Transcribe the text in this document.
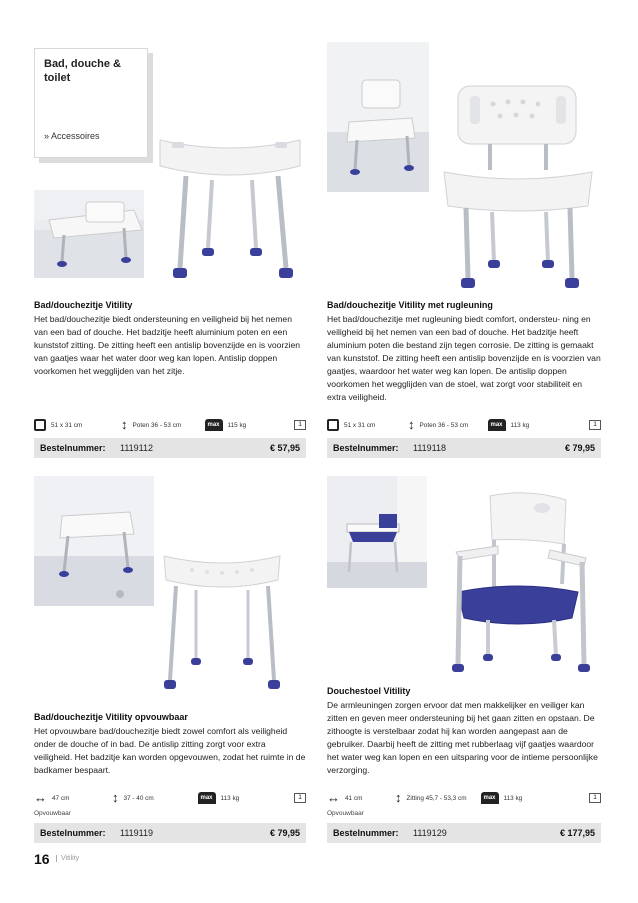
Bad, douche & toilet
» Accessoires
Bad/douchezitje Vitility
Het bad/douchezitje biedt ondersteuning en veiligheid bij het nemen van een bad of douche. Het badzitje heeft aluminium poten en een kunststof zitting. De zitting heeft een antislip bovenzijde en is voorzien van gaatjes waar het water door weg kan lopen. Antislip doppen voorkomen het wegglijden van het zitje.
51 x 31 cm	↕ Poten 36 - 53 cm	max	115 kg	1
Bestelnummer:	1119112	€ 57,95
Bad/douchezitje Vitility met rugleuning
Het bad/douchezitje met rugleuning biedt comfort, ondersteu- ning en veiligheid bij het nemen van een bad of douche. Het badzitje heeft aluminium poten die bestand zijn tegen corrosie. De zitting is gemaakt van kunststof. De zitting heeft een antislip bovenzijde en is voorzien van gaatjes, waardoor het water weg kan lopen. De antislip doppen voorkomen het wegglijden van de stoel, wat zorgt voor stabiliteit en extra veiligheid.
51 x 31 cm	↕ Poten 36 - 53 cm	max	113 kg	1
Bestelnummer:	1119118	€ 79,95
Bad/douchezitje Vitility opvouwbaar
Het opvouwbare bad/douchezitje biedt zowel comfort als veiligheid onder de douche of in bad. De antislip zitting zorgt voor extra veiligheid. Het badzitje kan worden opgevouwen, zodat het ruimte in de badkamer bespaart.
↔ 47 cm	↕ 37 - 40 cm	max	113 kg	1
Opvouwbaar
Bestelnummer:	1119119	€ 79,95
Douchestoel Vitility
De armleuningen zorgen ervoor dat men makkelijker en veiliger kan zitten en geven meer ondersteuning bij het gaan zitten en opstaan. De zithoogte is verstelbaar zodat hij kan worden aangepast aan de gebruiker. Daarbij heeft de zitting met rubberlaag vijf gaatjes waardoor het water weg kan lopen en een uitsparing voor de intieme persoonlijke verzorging.
↔ 41 cm	↕ Zitting 45,7 - 53,3 cm	max	113 kg	1
Opvouwbaar
Bestelnummer:	1119129	€ 177,95
16	Vitility
